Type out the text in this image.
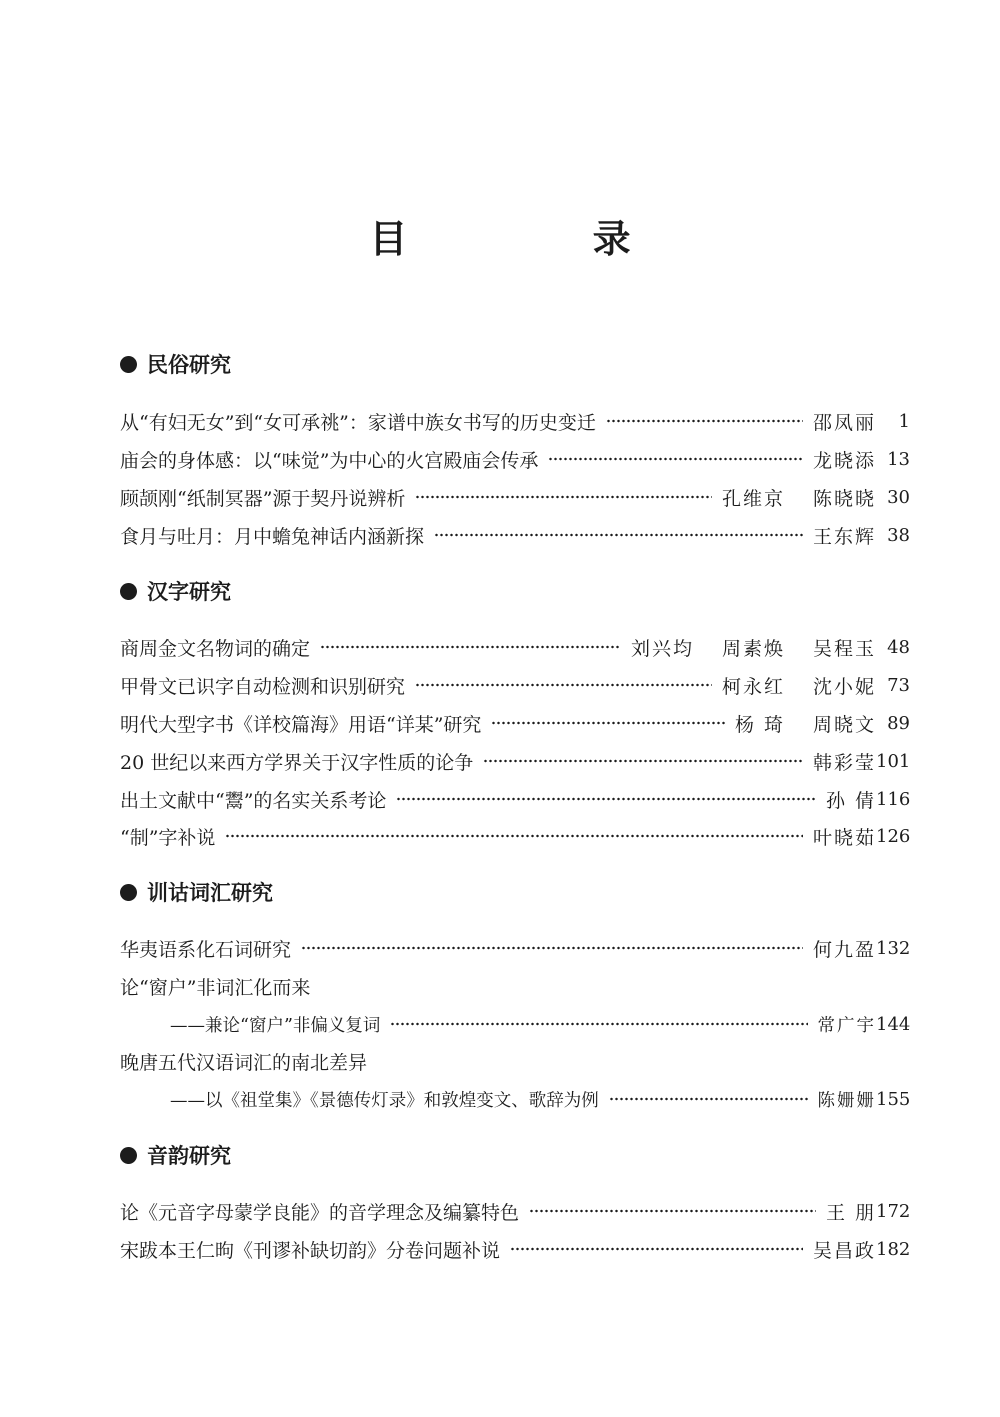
目 录
民俗研究
从“有妇无女”到“女可承祧”：家谱中族女书写的历史变迁	邵凤丽	1
庙会的身体感：以“味觉”为中心的火宫殿庙会传承	龙晓添 13
顾颉刚“纸制冥器”源于契丹说辨析	孔维京 陈晓晓 30
食月与吐月：月中蟾兔神话内涵新探	王东辉 38
汉字研究
商周金文名物词的确定	刘兴均 周素焕 吴程玉 48
甲骨文已识字自动检测和识别研究	柯永红 沈小妮 73
明代大型字书《详校篇海》用语“详某”研究	杨 琦 周晓文 89
20 世纪以来西方学界关于汉字性质的论争	韩彩莹 101
出土文献中“鬻”的名实关系考论	孙 倩 116
“制”字补说	叶晓茹 126
训诂词汇研究
华夷语系化石词研究	何九盈 132
论“窗户”非词汇化而来
——兼论“窗户”非偏义复词	常广宇 144
晚唐五代汉语词汇的南北差异
——以《祖堂集》《景德传灯录》和敦煌变文、歌辞为例	陈姗姗 155
音韵研究
论《元音字母蒙学良能》的音学理念及编纂特色	王 朋 172
宋跋本王仁昫《刊谬补缺切韵》分卷问题补说	吴昌政 182
